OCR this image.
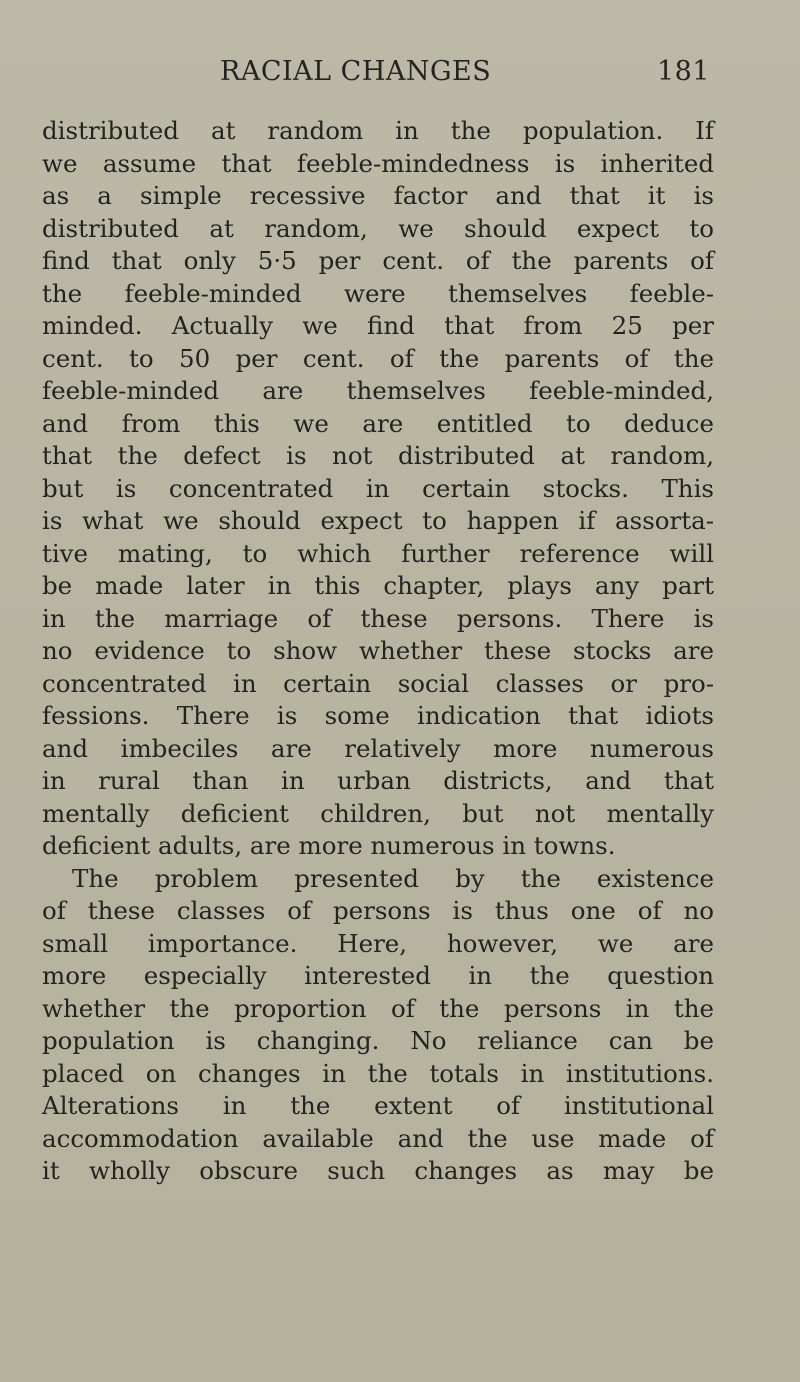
RACIAL CHANGES	181
distributed at random in the population. If
we assume that feeble-mindedness is inherited
as a simple recessive factor and that it is
distributed at random, we should expect to
find that only 5·5 per cent. of the parents of
the feeble-minded were themselves feeble-
minded. Actually we find that from 25 per
cent. to 50 per cent. of the parents of the
feeble-minded are themselves feeble-minded,
and from this we are entitled to deduce
that the defect is not distributed at random,
but is concentrated in certain stocks. This
is what we should expect to happen if assorta-
tive mating, to which further reference will
be made later in this chapter, plays any part
in the marriage of these persons. There is
no evidence to show whether these stocks are
concentrated in certain social classes or pro-
fessions. There is some indication that idiots
and imbeciles are relatively more numerous
in rural than in urban districts, and that
mentally deficient children, but not mentally
deficient adults, are more numerous in towns.
The problem presented by the existence
of these classes of persons is thus one of no
small importance. Here, however, we are
more especially interested in the question
whether the proportion of the persons in the
population is changing. No reliance can be
placed on changes in the totals in institutions.
Alterations in the extent of institutional
accommodation available and the use made of
it wholly obscure such changes as may be
